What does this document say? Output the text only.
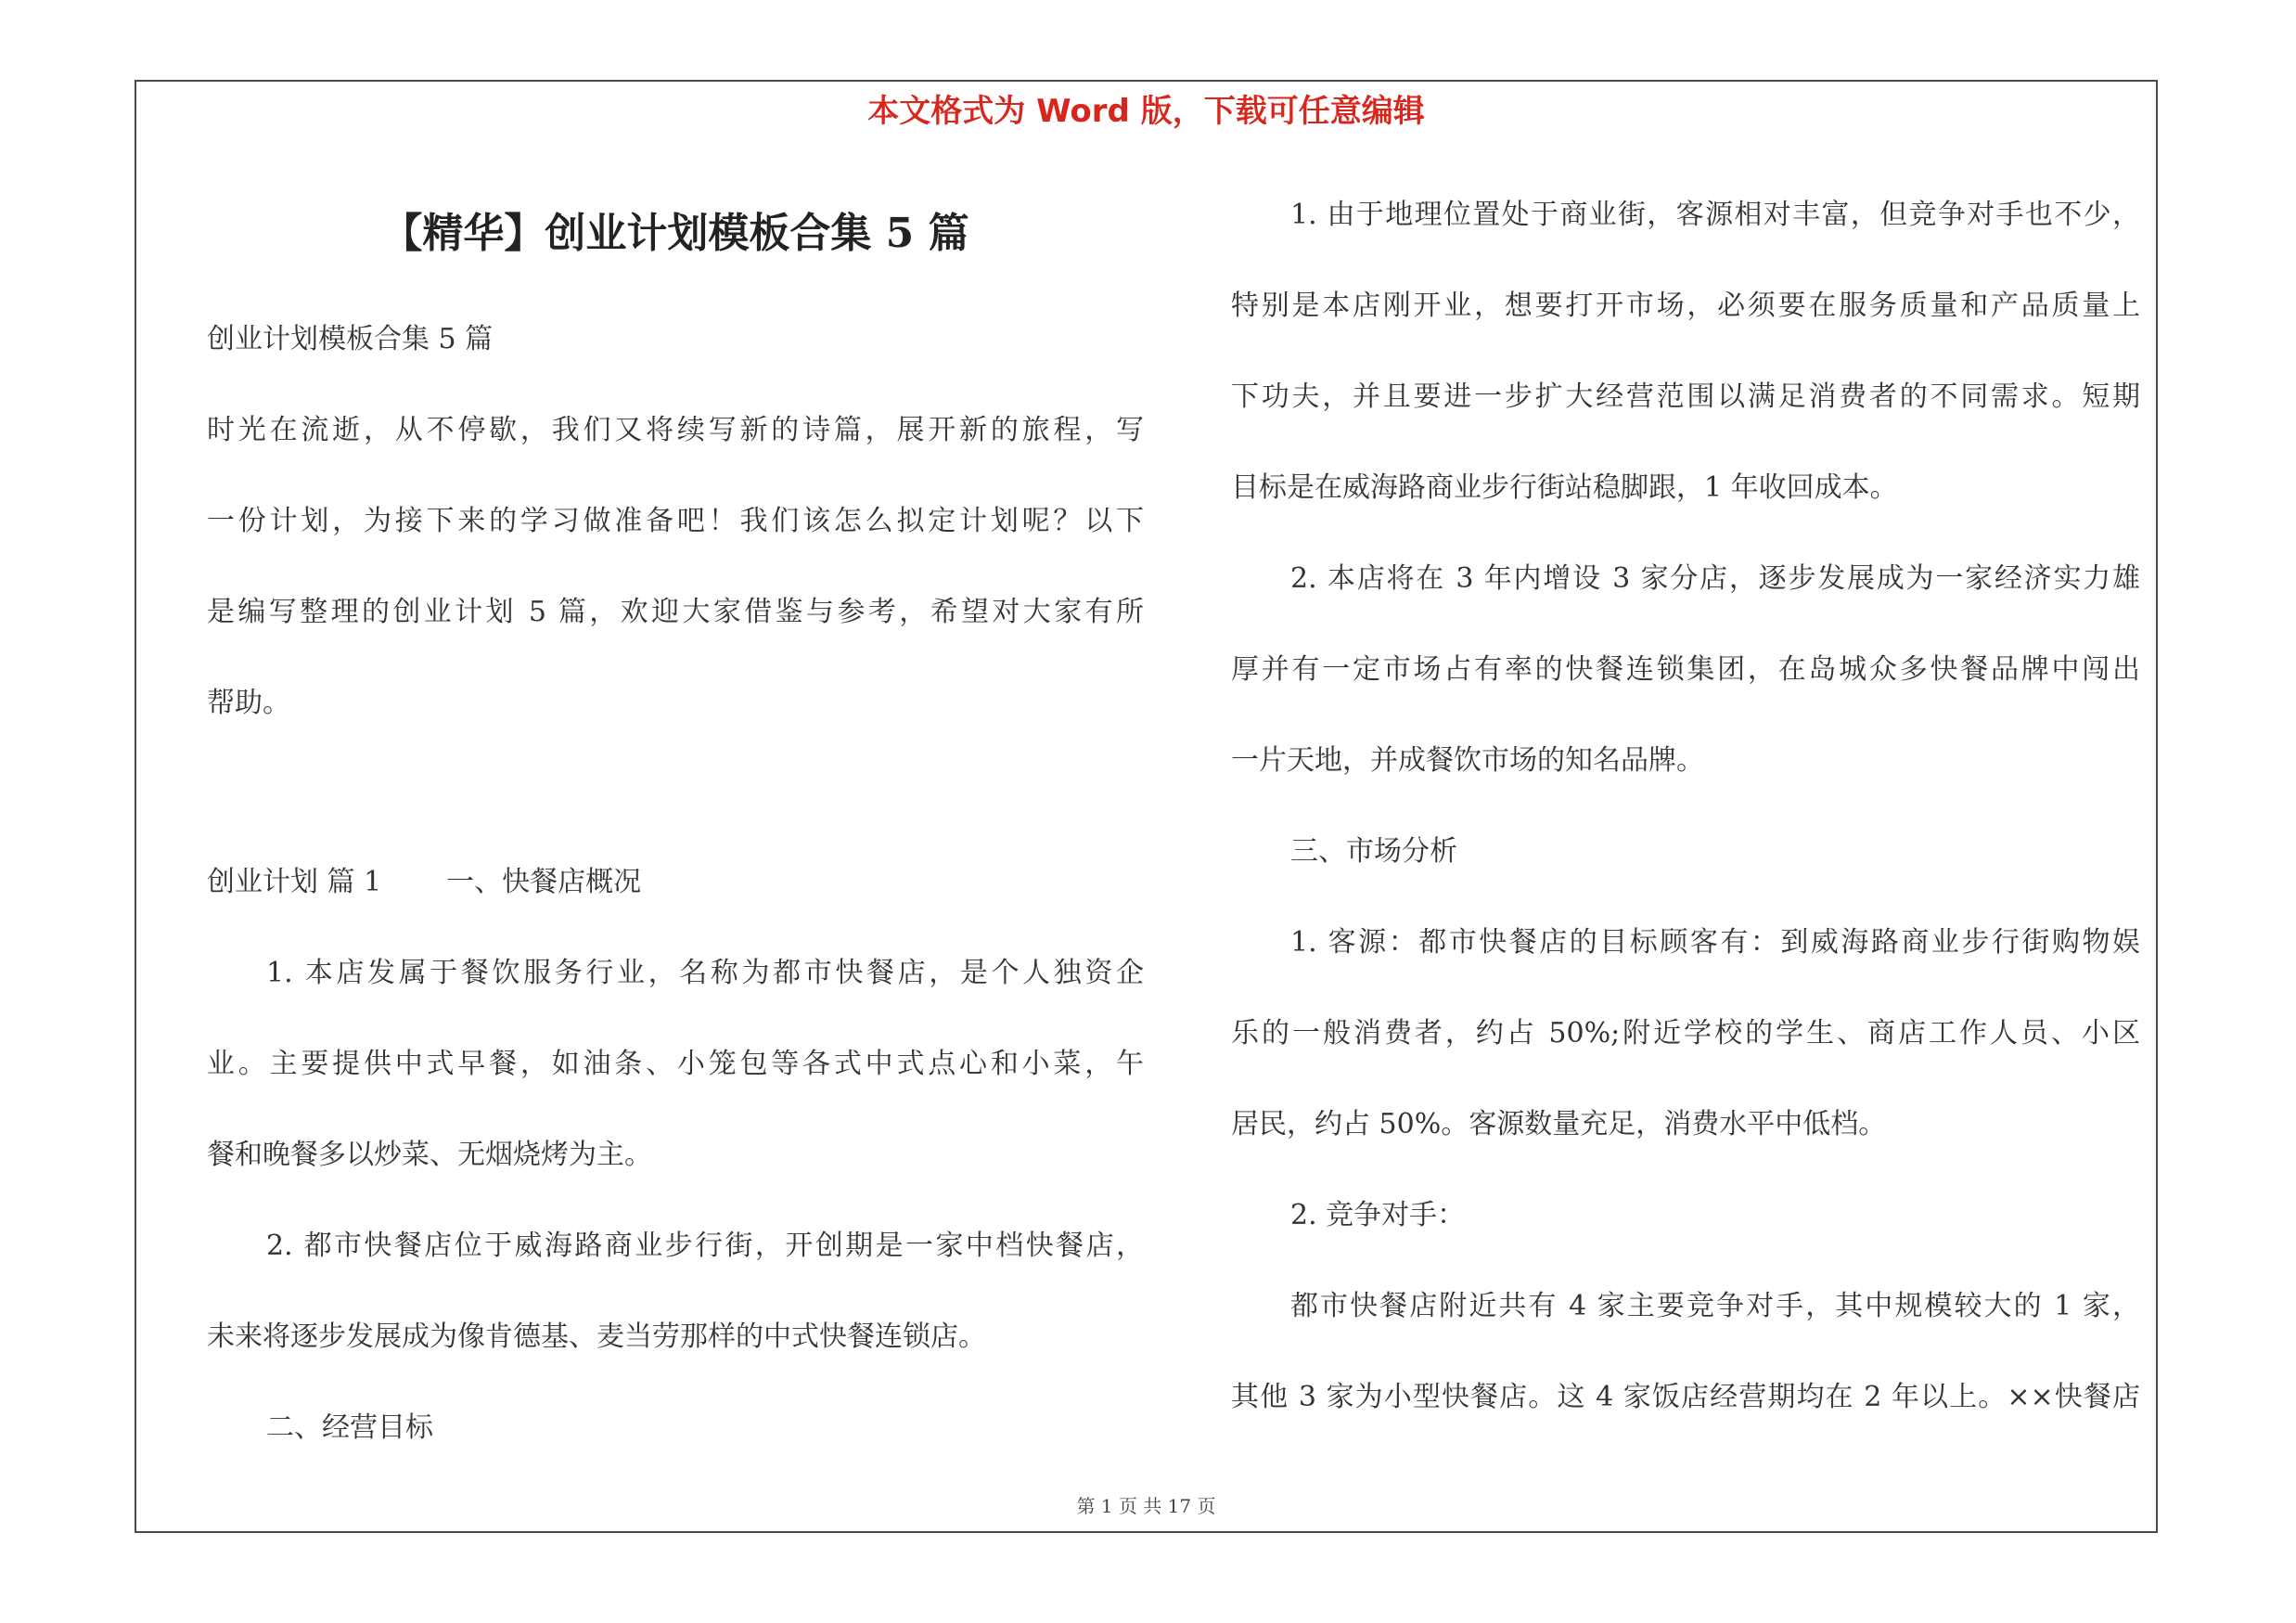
本文格式为 Word 版，下载可任意编辑
【精华】创业计划模板合集 5 篇
创业计划模板合集 5 篇
时光在流逝，从不停歇，我们又将续写新的诗篇，展开新的旅程，写
一份计划，为接下来的学习做准备吧！我们该怎么拟定计划呢？以下
是编写整理的创业计划 5 篇，欢迎大家借鉴与参考，希望对大家有所
帮助。
创业计划 篇 1 一、快餐店概况
1. 本店发属于餐饮服务行业，名称为都市快餐店，是个人独资企
业。主要提供中式早餐，如油条、小笼包等各式中式点心和小菜，午
餐和晚餐多以炒菜、无烟烧烤为主。
2. 都市快餐店位于威海路商业步行街，开创期是一家中档快餐店，
未来将逐步发展成为像肯德基、麦当劳那样的中式快餐连锁店。
二、经营目标
1. 由于地理位置处于商业街，客源相对丰富，但竞争对手也不少，
特别是本店刚开业，想要打开市场，必须要在服务质量和产品质量上
下功夫，并且要进一步扩大经营范围以满足消费者的不同需求。短期
目标是在威海路商业步行街站稳脚跟，1 年收回成本。
2. 本店将在 3 年内增设 3 家分店，逐步发展成为一家经济实力雄
厚并有一定市场占有率的快餐连锁集团，在岛城众多快餐品牌中闯出
一片天地，并成餐饮市场的知名品牌。
三、市场分析
1. 客源：都市快餐店的目标顾客有：到威海路商业步行街购物娱
乐的一般消费者，约占 50%;附近学校的学生、商店工作人员、小区
居民，约占 50%。客源数量充足，消费水平中低档。
2. 竞争对手：
都市快餐店附近共有 4 家主要竞争对手，其中规模较大的 1 家，
其他 3 家为小型快餐店。这 4 家饭店经营期均在 2 年以上。××快餐店
第 1 页 共 17 页
